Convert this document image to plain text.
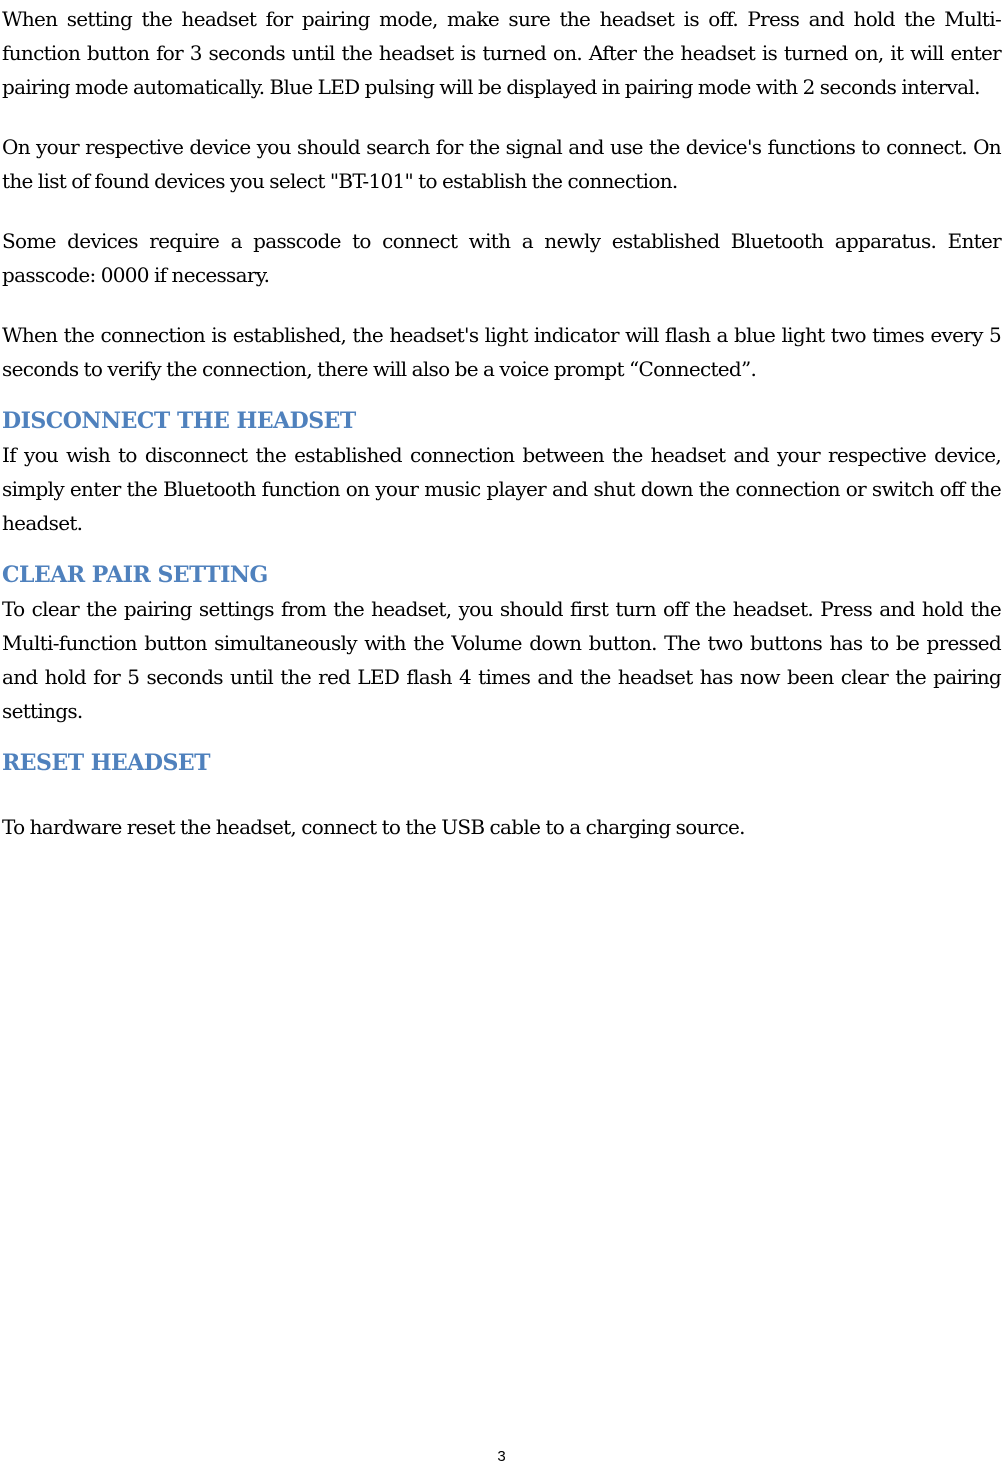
When setting the headset for pairing mode, make sure the headset is off. Press and hold the Multi-function button for 3 seconds until the headset is turned on. After the headset is turned on, it will enter pairing mode automatically. Blue LED pulsing will be displayed in pairing mode with 2 seconds interval.

On your respective device you should search for the signal and use the device's functions to connect. On the list of found devices you select "BT-101" to establish the connection.

Some devices require a passcode to connect with a newly established Bluetooth apparatus. Enter passcode: 0000 if necessary.

When the connection is established, the headset's light indicator will flash a blue light two times every 5 seconds to verify the connection, there will also be a voice prompt “Connected”.

DISCONNECT THE HEADSET

If you wish to disconnect the established connection between the headset and your respective device, simply enter the Bluetooth function on your music player and shut down the connection or switch off the headset.

CLEAR PAIR SETTING

To clear the pairing settings from the headset, you should first turn off the headset. Press and hold the Multi-function button simultaneously with the Volume down button. The two buttons has to be pressed and hold for 5 seconds until the red LED flash 4 times and the headset has now been clear the pairing settings.

RESET HEADSET

To hardware reset the headset, connect to the USB cable to a charging source.

3
